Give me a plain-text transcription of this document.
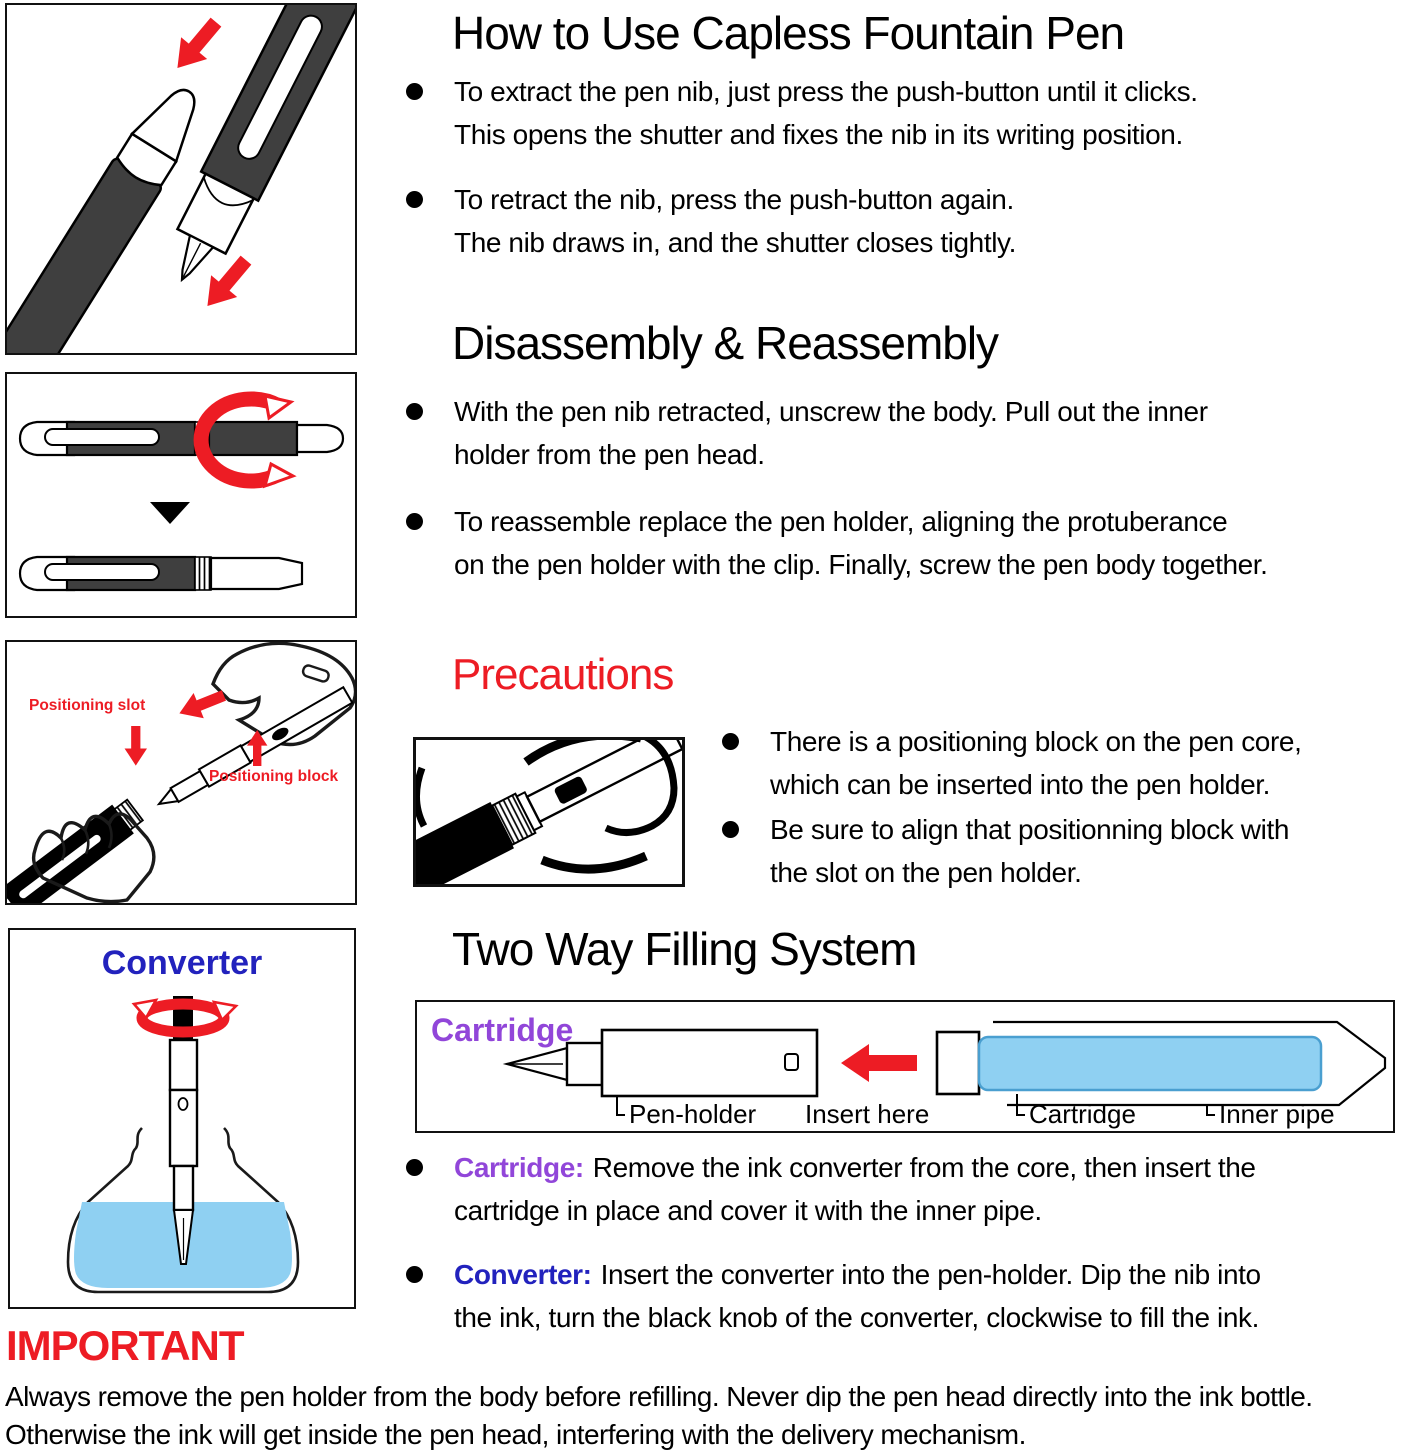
Positioning slot
Positioning block
Converter
How to Use Capless Fountain Pen
To extract the pen nib, just press the push-button until it clicks.
This opens the shutter and fixes the nib in its writing position.
To retract the nib, press the push-button again.
The nib draws in, and the shutter closes tightly.
Disassembly & Reassembly
With the pen nib retracted, unscrew the body. Pull out the inner
holder from the pen head.
To reassemble replace the pen holder, aligning the protuberance
on the pen holder with the clip. Finally, screw the pen body together.
Precautions
There is a positioning block on the pen core,
which can be inserted into the pen holder.
Be sure to align that positionning block with
the slot on the pen holder.
Two Way Filling System
Cartridge
Pen-holder Insert here	Cartridge	Inner pipe
Cartridge: Remove the ink converter from the core, then insert the
cartridge in place and cover it with the inner pipe.
Converter: Insert the converter into the pen-holder. Dip the nib into
the ink, turn the black knob of the converter, clockwise to fill the ink.
IMPORTANT
Always remove the pen holder from the body before refilling. Never dip the pen head directly into the ink bottle.
Otherwise the ink will get inside the pen head, interfering with the delivery mechanism.
